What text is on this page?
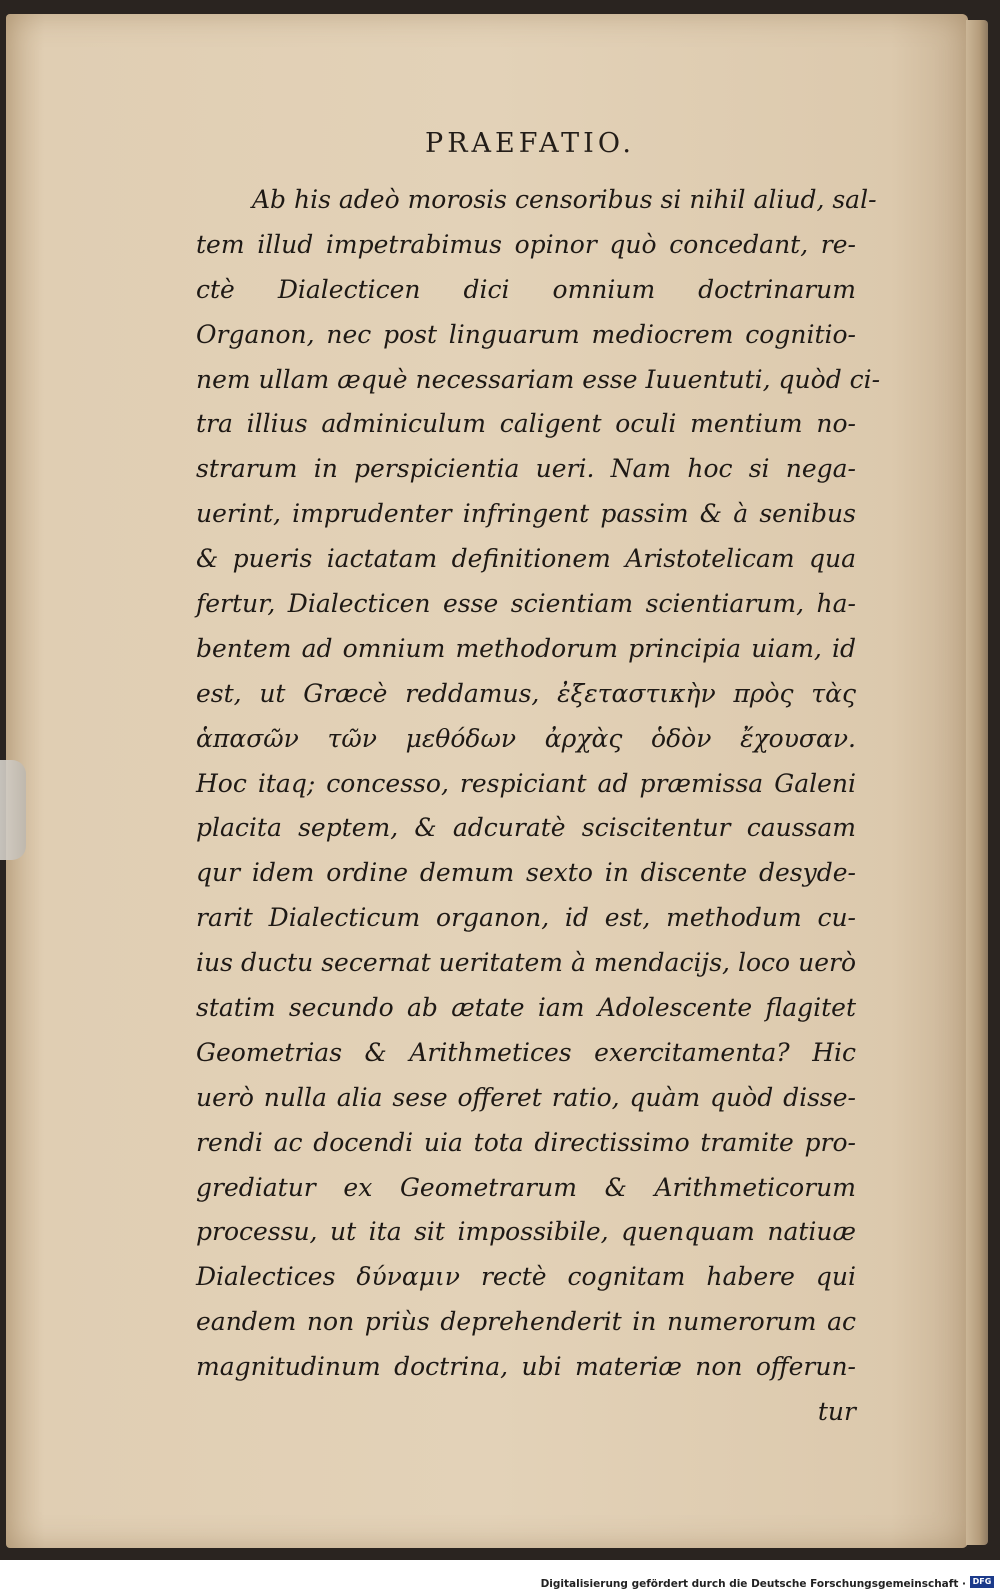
PRAEFATIO.
Ab his adeò morosis censoribus si nihil aliud, sal-
tem illud impetrabimus opinor quò concedant, re-
ctè Dialecticen dici omnium doctrinarum
Organon, nec post linguarum mediocrem cognitio-
nem ullam æquè necessariam esse Iuuentuti, quòd ci-
tra illius adminiculum caligent oculi mentium no-
strarum in perspicientia ueri. Nam hoc si nega-
uerint, imprudenter infringent passim & à senibus
& pueris iactatam definitionem Aristotelicam qua
fertur, Dialecticen esse scientiam scientiarum, ha-
bentem ad omnium methodorum principia uiam, id
est, ut Græcè reddamus, ἐξεταστικὴν πρὸς τὰς
ἁπασῶν τῶν μεθόδων ἀρχὰς ὁδὸν ἔχουσαν.
Hoc itaq; concesso, respiciant ad præmissa Galeni
placita septem, & adcuratè sciscitentur caussam
qur idem ordine demum sexto in discente desyde-
rarit Dialecticum organon, id est, methodum cu-
ius ductu secernat ueritatem à mendacijs, loco uerò
statim secundo ab ætate iam Adolescente flagitet
Geometrias & Arithmetices exercitamenta? Hic
uerò nulla alia sese offeret ratio, quàm quòd disse-
rendi ac docendi uia tota directissimo tramite pro-
grediatur ex Geometrarum & Arithmeticorum
processu, ut ita sit impossibile, quenquam natiuæ
Dialectices δύναμιν rectè cognitam habere qui
eandem non priùs deprehenderit in numerorum ac
magnitudinum doctrina, ubi materiæ non offerun-
tur
Digitalisierung gefördert durch die Deutsche Forschungsgemeinschaft · DFG
